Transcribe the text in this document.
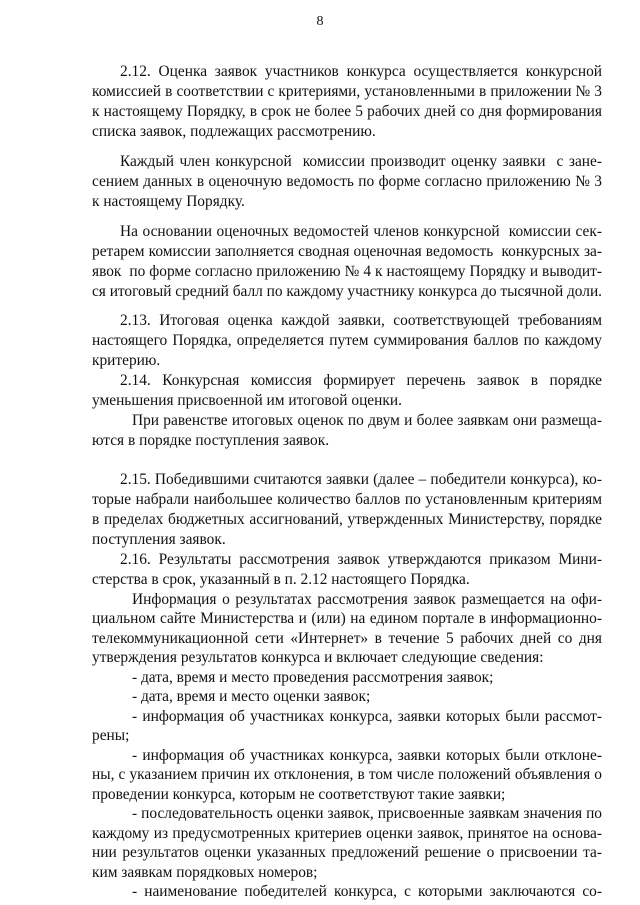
8
2.12. Оценка заявок участников конкурса осуществляется конкурсной
комиссией в соответствии с критериями, установленными в приложении № 3
к настоящему Порядку, в срок не более 5 рабочих дней со дня формирования
списка заявок, подлежащих рассмотрению.
Каждый член конкурсной  комиссии производит оценку заявки  с зане-
сением данных в оценочную ведомость по форме согласно приложению № 3
к настоящему Порядку.
На основании оценочных ведомостей членов конкурсной  комиссии сек-
ретарем комиссии заполняется сводная оценочная ведомость  конкурсных за-
явок  по форме согласно приложению № 4 к настоящему Порядку и выводит-
ся итоговый средний балл по каждому участнику конкурса до тысячной доли.
2.13. Итоговая оценка каждой заявки, соответствующей требованиям
настоящего Порядка, определяется путем суммирования баллов по каждому
критерию.
2.14. Конкурсная комиссия формирует перечень заявок в порядке
уменьшения присвоенной им итоговой оценки.
При равенстве итоговых оценок по двум и более заявкам они размеща-
ются в порядке поступления заявок.
2.15. Победившими считаются заявки (далее – победители конкурса), ко-
торые набрали наибольшее количество баллов по установленным критериям
в пределах бюджетных ассигнований, утвержденных Министерству, порядке
поступления заявок.
2.16. Результаты рассмотрения заявок утверждаются приказом Мини-
стерства в срок, указанный в п. 2.12 настоящего Порядка.
Информация о результатах рассмотрения заявок размещается на офи-
циальном сайте Министерства и (или) на едином портале в информационно-
телекоммуникационной сети «Интернет» в течение 5 рабочих дней со дня
утверждения результатов конкурса и включает следующие сведения:
- дата, время и место проведения рассмотрения заявок;
- дата, время и место оценки заявок;
- информация об участниках конкурса, заявки которых были рассмот-
рены;
- информация об участниках конкурса, заявки которых были отклоне-
ны, с указанием причин их отклонения, в том числе положений объявления о
проведении конкурса, которым не соответствуют такие заявки;
- последовательность оценки заявок, присвоенные заявкам значения по
каждому из предусмотренных критериев оценки заявок, принятое на основа-
нии результатов оценки указанных предложений решение о присвоении та-
ким заявкам порядковых номеров;
- наименование победителей конкурса, с которыми заключаются со-
